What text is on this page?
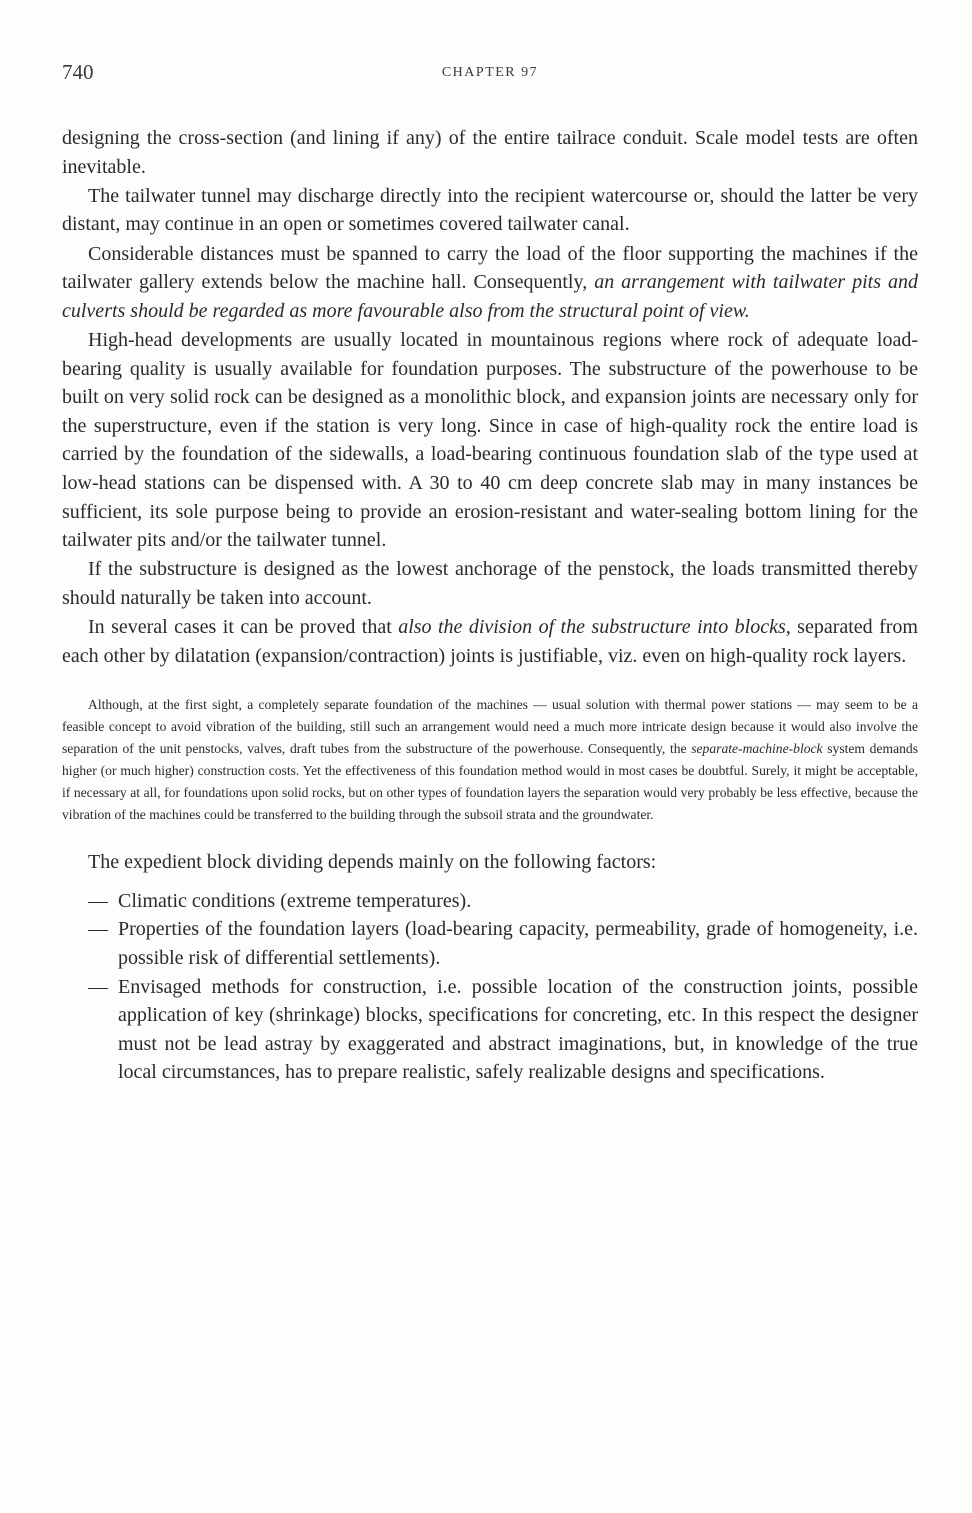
740	CHAPTER 97

designing the cross-section (and lining if any) of the entire tailrace conduit. Scale model tests are often inevitable.

The tailwater tunnel may discharge directly into the recipient watercourse or, should the latter be very distant, may continue in an open or sometimes covered tailwater canal.

Considerable distances must be spanned to carry the load of the floor supporting the machines if the tailwater gallery extends below the machine hall. Consequently, an arrangement with tailwater pits and culverts should be regarded as more favourable also from the structural point of view.

High-head developments are usually located in mountainous regions where rock of adequate load-bearing quality is usually available for foundation purposes. The substructure of the powerhouse to be built on very solid rock can be designed as a monolithic block, and expansion joints are necessary only for the superstructure, even if the station is very long. Since in case of high-quality rock the entire load is carried by the foundation of the sidewalls, a load-bearing continuous foundation slab of the type used at low-head stations can be dispensed with. A 30 to 40 cm deep concrete slab may in many instances be sufficient, its sole purpose being to provide an erosion-resistant and water-sealing bottom lining for the tailwater pits and/or the tailwater tunnel.

If the substructure is designed as the lowest anchorage of the penstock, the loads transmitted thereby should naturally be taken into account.

In several cases it can be proved that also the division of the substructure into blocks, separated from each other by dilatation (expansion/contraction) joints is justifiable, viz. even on high-quality rock layers.

Although, at the first sight, a completely separate foundation of the machines — usual solution with thermal power stations — may seem to be a feasible concept to avoid vibration of the building, still such an arrangement would need a much more intricate design because it would also involve the separation of the unit penstocks, valves, draft tubes from the substructure of the powerhouse. Consequently, the separate-machine-block system demands higher (or much higher) construction costs. Yet the effectiveness of this foundation method would in most cases be doubtful. Surely, it might be acceptable, if necessary at all, for foundations upon solid rocks, but on other types of foundation layers the separation would very probably be less effective, because the vibration of the machines could be transferred to the building through the subsoil strata and the groundwater.

The expedient block dividing depends mainly on the following factors:

— Climatic conditions (extreme temperatures).
— Properties of the foundation layers (load-bearing capacity, permeability, grade of homogeneity, i.e. possible risk of differential settlements).
— Envisaged methods for construction, i.e. possible location of the construction joints, possible application of key (shrinkage) blocks, specifications for concreting, etc. In this respect the designer must not be lead astray by exaggerated and abstract imaginations, but, in knowledge of the true local circumstances, has to prepare realistic, safely realizable designs and specifications.
